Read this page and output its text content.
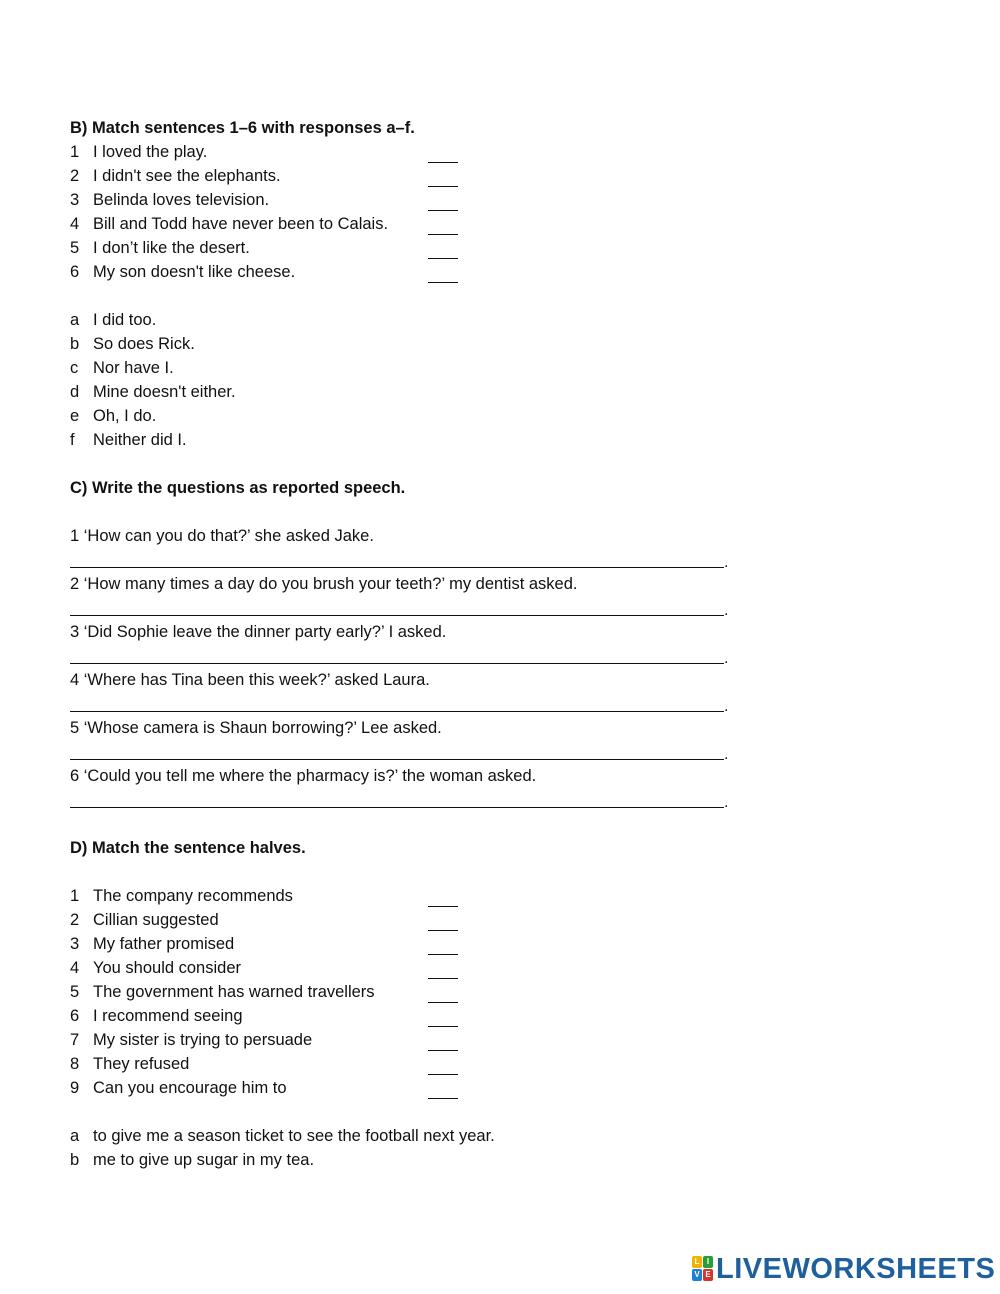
B) Match sentences 1–6 with responses a–f.
1 I loved the play.
2 I didn't see the elephants.
3 Belinda loves television.
4 Bill and Todd have never been to Calais.
5 I don’t like the desert.
6 My son doesn't like cheese.
a I did too.
b So does Rick.
c Nor have I.
d Mine doesn't either.
e Oh, I do.
f Neither did I.
C) Write the questions as reported speech.
1 ‘How can you do that?’ she asked Jake.
.
2 ‘How many times a day do you brush your teeth?’ my dentist asked.
.
3 ‘Did Sophie leave the dinner party early?’ I asked.
.
4 ‘Where has Tina been this week?’ asked Laura.
.
5 ‘Whose camera is Shaun borrowing?’ Lee asked.
.
6 ‘Could you tell me where the pharmacy is?’ the woman asked.
.
D) Match the sentence halves.
1 The company recommends
2 Cillian suggested
3 My father promised
4 You should consider
5 The government has warned travellers
6 I recommend seeing
7 My sister is trying to persuade
8 They refused
9 Can you encourage him to
a to give me a season ticket to see the football next year.
b me to give up sugar in my tea.
L I
V E LIVEWORKSHEETS
